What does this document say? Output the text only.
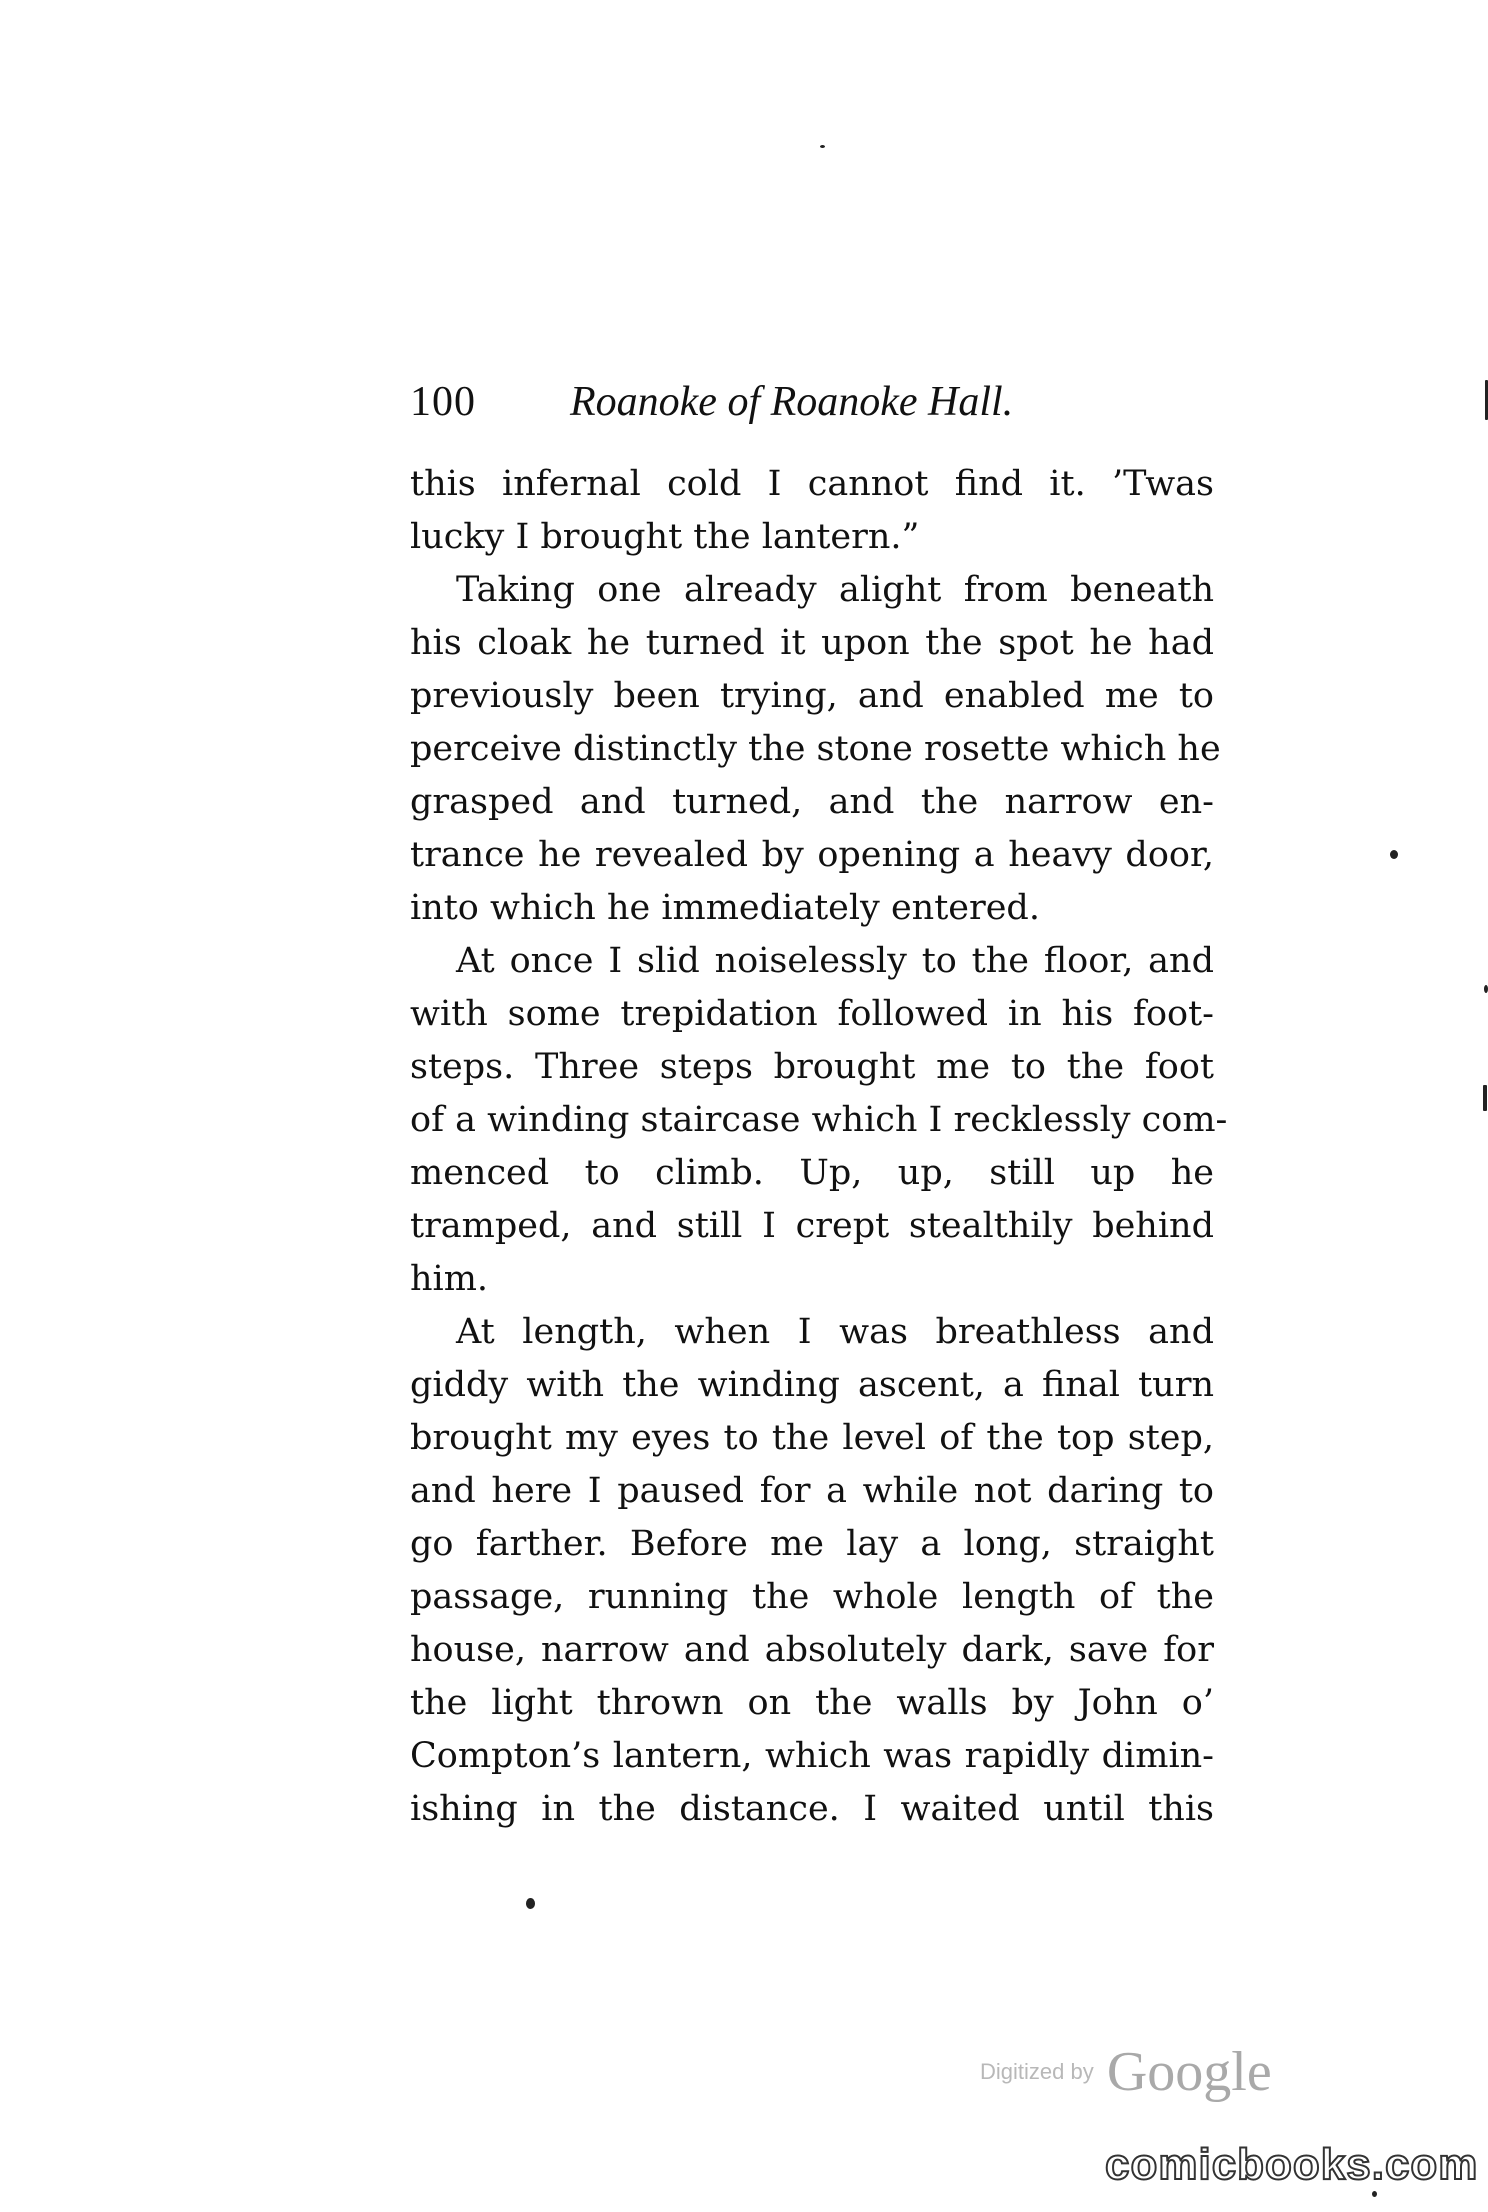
100 Roanoke of Roanoke Hall.
this infernal cold I cannot find it. ’Twas
lucky I brought the lantern.”
Taking one already alight from beneath
his cloak he turned it upon the spot he had
previously been trying, and enabled me to
perceive distinctly the stone rosette which he
grasped and turned, and the narrow en-
trance he revealed by opening a heavy door,
into which he immediately entered.
At once I slid noiselessly to the floor, and
with some trepidation followed in his foot-
steps. Three steps brought me to the foot
of a winding staircase which I recklessly com-
menced to climb. Up, up, still up he
tramped, and still I crept stealthily behind
him.
At length, when I was breathless and
giddy with the winding ascent, a final turn
brought my eyes to the level of the top step,
and here I paused for a while not daring to
go farther. Before me lay a long, straight
passage, running the whole length of the
house, narrow and absolutely dark, save for
the light thrown on the walls by John o’
Compton’s lantern, which was rapidly dimin-
ishing in the distance. I waited until this
Digitized by Google
comicbooks.com
